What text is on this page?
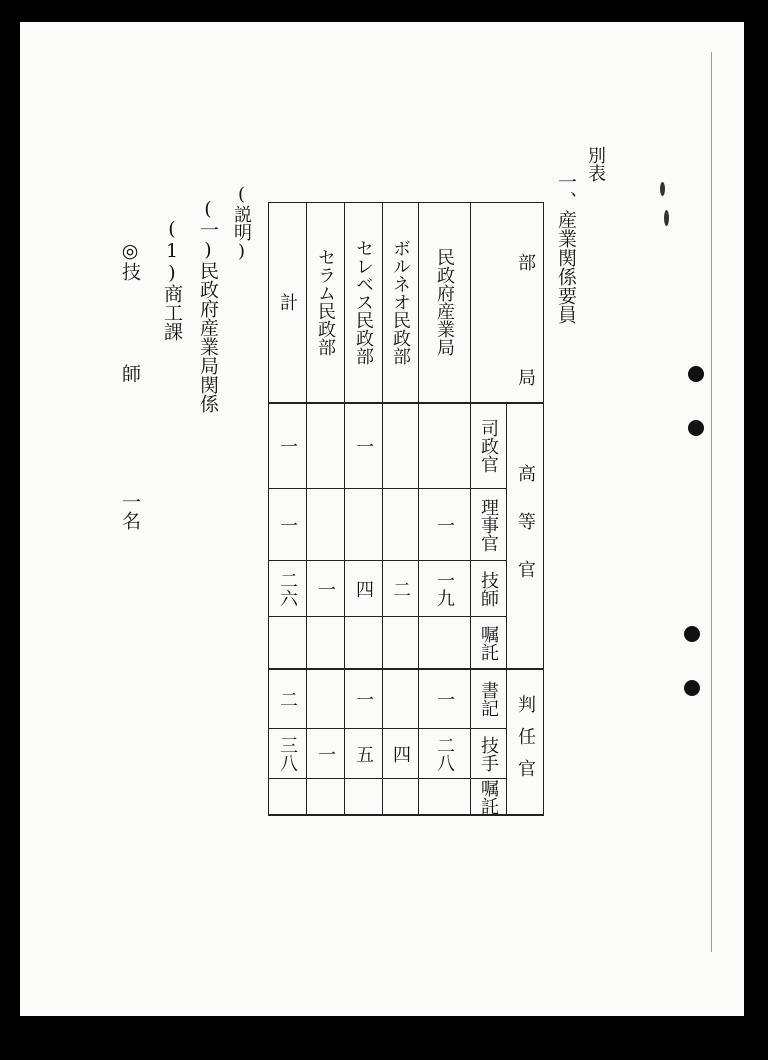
別表
一、産業関係要員
(説明)
(一)民政府産業局関係
(1)商工課
◎技
師
一名
部
局
民政府産業局
ボルネオ民政部
セレベス民政部
セラム民政部
計
高等官
判任官
司政官
理事官
技師
嘱託
書記
技手
嘱託
一
一九
一
二八
二
四
一
四
一
五
一
一
一
一
二六
二
三八
